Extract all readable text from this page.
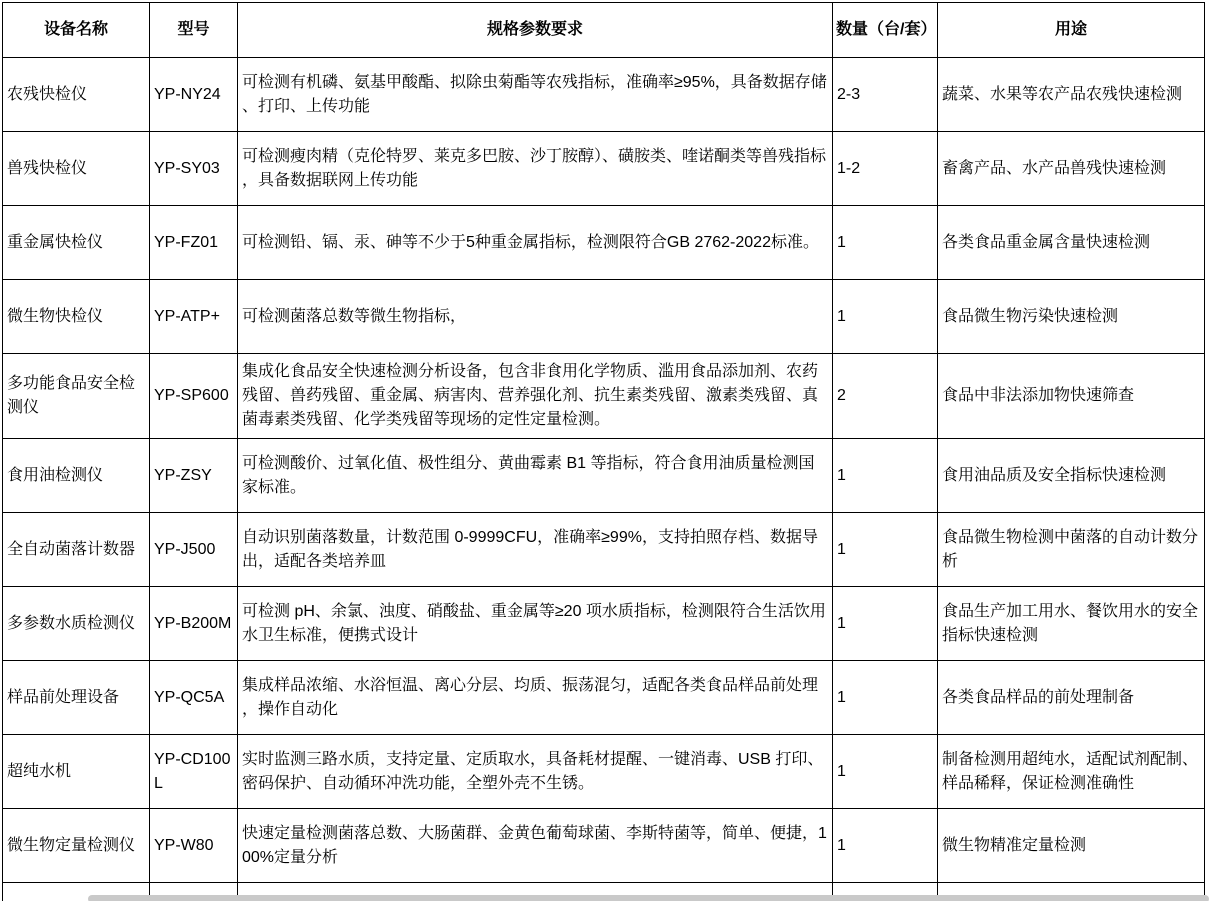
设备名称	型号	规格参数要求	数量（台/套）	用途
农残快检仪	YP-NY24	可检测有机磷、氨基甲酸酯、拟除虫菊酯等农残指标，准确率≥95%，具备数据存储、打印、上传功能	2-3	蔬菜、水果等农产品农残快速检测
兽残快检仪	YP-SY03	可检测瘦肉精（克伦特罗、莱克多巴胺、沙丁胺醇）、磺胺类、喹诺酮类等兽残指标，具备数据联网上传功能	1-2	畜禽产品、水产品兽残快速检测
重金属快检仪	YP-FZ01	可检测铅、镉、汞、砷等不少于5种重金属指标，检测限符合GB 2762-2022标准。	1	各类食品重金属含量快速检测
微生物快检仪	YP-ATP+	可检测菌落总数等微生物指标，	1	食品微生物污染快速检测
多功能食品安全检测仪	YP-SP600	集成化食品安全快速检测分析设备，包含非食用化学物质、滥用食品添加剂、农药残留、兽药残留、重金属、病害肉、营养强化剂、抗生素类残留、激素类残留、真菌毒素类残留、化学类残留等现场的定性定量检测。	2	食品中非法添加物快速筛查
食用油检测仪	YP-ZSY	可检测酸价、过氧化值、极性组分、黄曲霉素 B1 等指标，符合食用油质量检测国家标准。	1	食用油品质及安全指标快速检测
全自动菌落计数器	YP-J500	自动识别菌落数量，计数范围 0-9999CFU，准确率≥99%，支持拍照存档、数据导出，适配各类培养皿	1	食品微生物检测中菌落的自动计数分析
多参数水质检测仪	YP-B200M	可检测 pH、余氯、浊度、硝酸盐、重金属等≥20 项水质指标，检测限符合生活饮用水卫生标准，便携式设计	1	食品生产加工用水、餐饮用水的安全指标快速检测
样品前处理设备	YP-QC5A	集成样品浓缩、水浴恒温、离心分层、均质、振荡混匀，适配各类食品样品前处理，操作自动化	1	各类食品样品的前处理制备
超纯水机	YP-CD100L	实时监测三路水质，支持定量、定质取水，具备耗材提醒、一键消毒、USB 打印、密码保护、自动循环冲洗功能，全塑外壳不生锈。	1	制备检测用超纯水，适配试剂配制、样品稀释，保证检测准确性
微生物定量检测仪	YP-W80	快速定量检测菌落总数、大肠菌群、金黄色葡萄球菌、李斯特菌等，简单、便捷，100%定量分析	1	微生物精准定量检测
